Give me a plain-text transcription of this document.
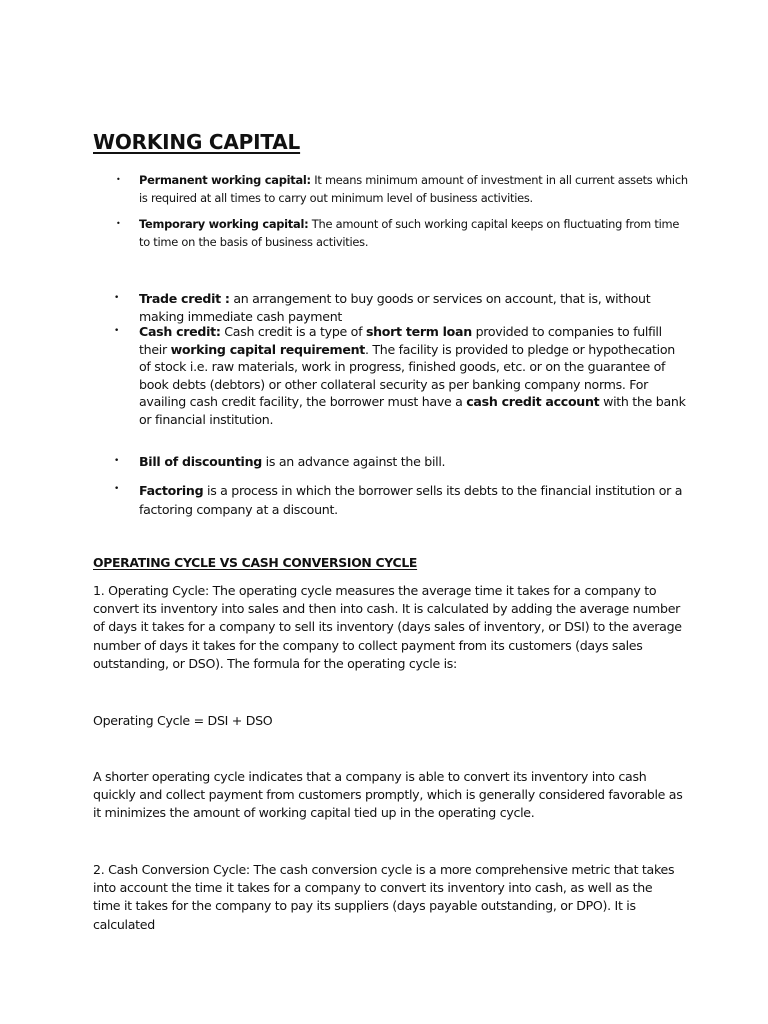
WORKING CAPITAL
• Permanent working capital: It means minimum amount of investment in all current assets which is required at all times to carry out minimum level of business activities.

• Temporary working capital: The amount of such working capital keeps on fluctuating from time to time on the basis of business activities.

• Trade credit : an arrangement to buy goods or services on account, that is, without making immediate cash payment

• Cash credit: Cash credit is a type of short term loan provided to companies to fulfill their working capital requirement. The facility is provided to pledge or hypothecation of stock i.e. raw materials, work in progress, finished goods, etc. or on the guarantee of book debts (debtors) or other collateral security as per banking company norms. For availing cash credit facility, the borrower must have a cash credit account with the bank or financial institution.

• Bill of discounting is an advance against the bill.

• Factoring is a process in which the borrower sells its debts to the financial institution or a factoring company at a discount.

OPERATING CYCLE VS CASH CONVERSION CYCLE

1. Operating Cycle: The operating cycle measures the average time it takes for a company to convert its inventory into sales and then into cash. It is calculated by adding the average number of days it takes for a company to sell its inventory (days sales of inventory, or DSI) to the average number of days it takes for the company to collect payment from its customers (days sales outstanding, or DSO). The formula for the operating cycle is:

Operating Cycle = DSI + DSO

A shorter operating cycle indicates that a company is able to convert its inventory into cash quickly and collect payment from customers promptly, which is generally considered favorable as it minimizes the amount of working capital tied up in the operating cycle.

2. Cash Conversion Cycle: The cash conversion cycle is a more comprehensive metric that takes into account the time it takes for a company to convert its inventory into cash, as well as the time it takes for the company to pay its suppliers (days payable outstanding, or DPO). It is calculated
